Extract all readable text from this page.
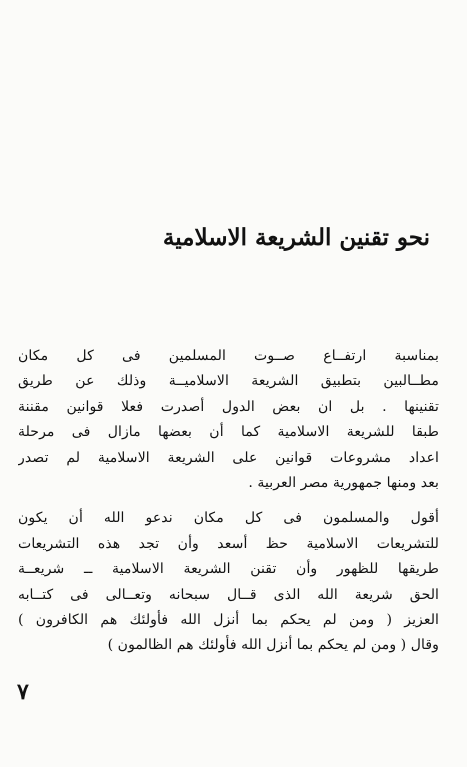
نحو تقنين الشريعة الاسلامية
بمناسبة ارتفــاع صــوت المسلمين فى كل مكان
مطــالبين بتطبيق الشريعة الاسلاميــة وذلك عن طريق
تقنينها . بل ان بعض الدول أصدرت فعلا قوانين مقننة
طبقا للشريعة الاسلامية كما أن بعضها مازال فى مرحلة
اعداد مشروعات قوانين على الشريعة الاسلامية لم تصدر
بعد ومنها جمهورية مصر العربية .
أقول والمسلمون فى كل مكان ندعو الله أن يكون
للتشريعات الاسلامية حظ أسعد وأن تجد هذه التشريعات
طريقها للظهور وأن تقنن الشريعة الاسلامية ــ شريعــة
الحق شريعة الله الذى قــال سبحانه وتعــالى فى كتــابه
العزيز ( ومن لم يحكم بما أنزل الله فأولئك هم الكافرون )
وقال ( ومن لم يحكم بما أنزل الله فأولئك هم الظالمون )
٧
